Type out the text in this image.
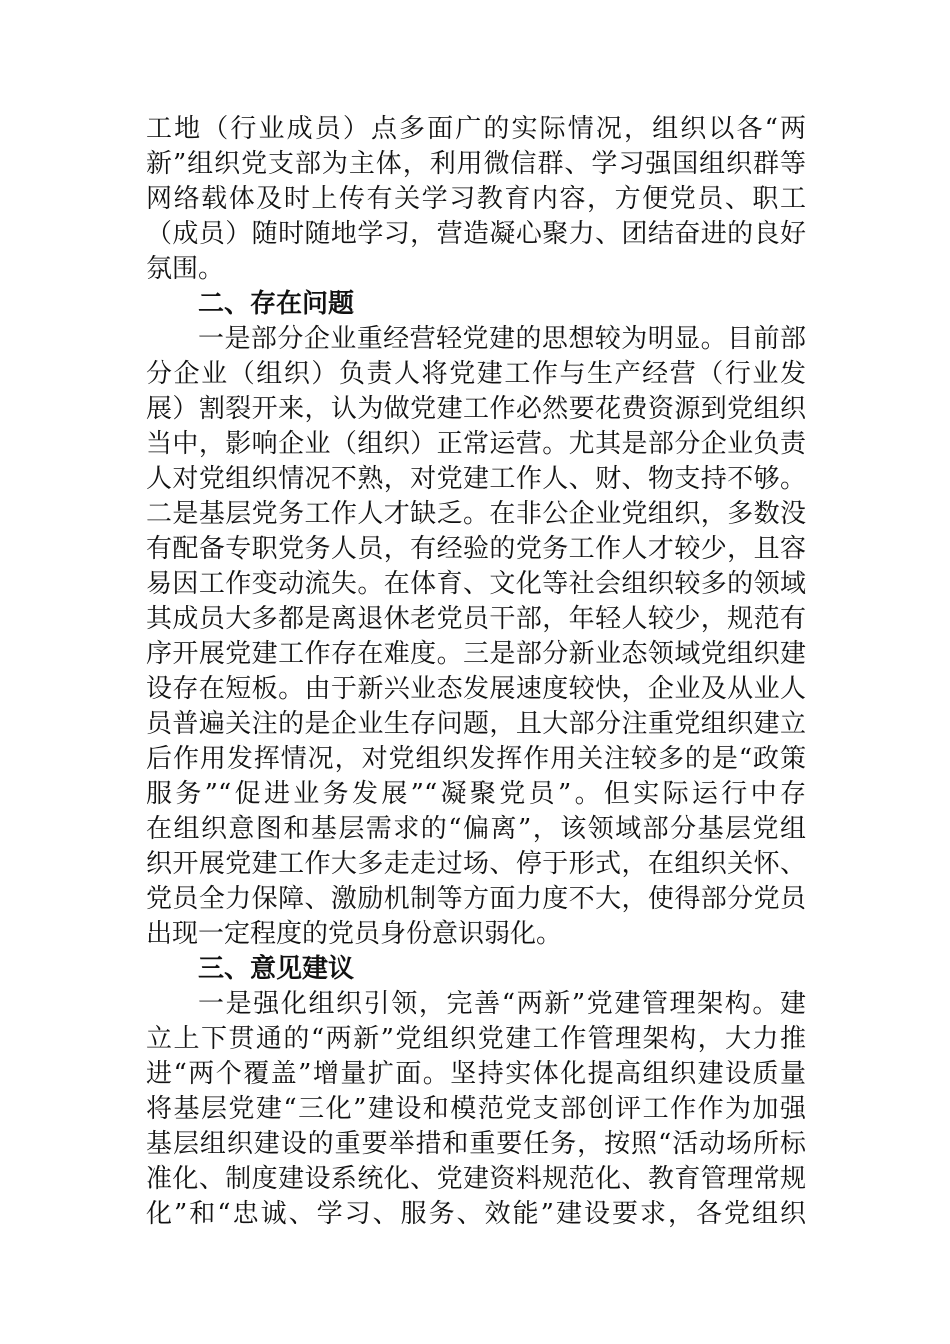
工地（行业成员）点多面广的实际情况，组织以各“两
新”组织党支部为主体，利用微信群、学习强国组织群等
网络载体及时上传有关学习教育内容，方便党员、职工
（成员）随时随地学习，营造凝心聚力、团结奋进的良好
氛围。
二、存在问题
一是部分企业重经营轻党建的思想较为明显。目前部
分企业（组织）负责人将党建工作与生产经营（行业发
展）割裂开来，认为做党建工作必然要花费资源到党组织
当中，影响企业（组织）正常运营。尤其是部分企业负责
人对党组织情况不熟，对党建工作人、财、物支持不够。
二是基层党务工作人才缺乏。在非公企业党组织，多数没
有配备专职党务人员，有经验的党务工作人才较少，且容
易因工作变动流失。在体育、文化等社会组织较多的领域
其成员大多都是离退休老党员干部，年轻人较少，规范有
序开展党建工作存在难度。三是部分新业态领域党组织建
设存在短板。由于新兴业态发展速度较快，企业及从业人
员普遍关注的是企业生存问题，且大部分注重党组织建立
后作用发挥情况，对党组织发挥作用关注较多的是“政策
服务”“促进业务发展”“凝聚党员”。但实际运行中存
在组织意图和基层需求的“偏离”，该领域部分基层党组
织开展党建工作大多走走过场、停于形式，在组织关怀、
党员全力保障、激励机制等方面力度不大，使得部分党员
出现一定程度的党员身份意识弱化。
三、意见建议
一是强化组织引领，完善“两新”党建管理架构。建
立上下贯通的“两新”党组织党建工作管理架构，大力推
进“两个覆盖”增量扩面。坚持实体化提高组织建设质量
将基层党建“三化”建设和模范党支部创评工作作为加强
基层组织建设的重要举措和重要任务，按照“活动场所标
准化、制度建设系统化、党建资料规范化、教育管理常规
化”和“忠诚、学习、服务、效能”建设要求，各党组织
